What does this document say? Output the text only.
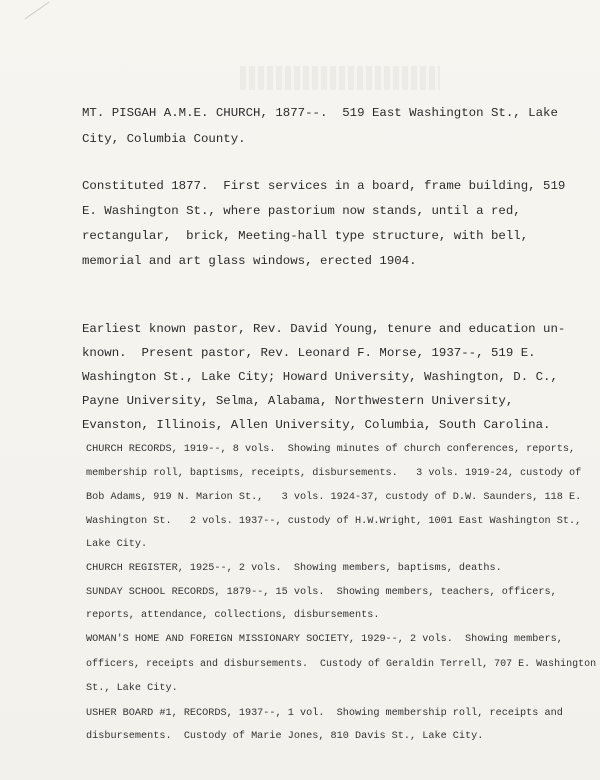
MT. PISGAH A.M.E. CHURCH, 1877--.  519 East Washington St., Lake
City, Columbia County.
Constituted 1877.  First services in a board, frame building, 519
E. Washington St., where pastorium now stands, until a red,
rectangular,  brick, Meeting-hall type structure, with bell,
memorial and art glass windows, erected 1904.
Earliest known pastor, Rev. David Young, tenure and education un-
known.  Present pastor, Rev. Leonard F. Morse, 1937--, 519 E.
Washington St., Lake City; Howard University, Washington, D. C.,
Payne University, Selma, Alabama, Northwestern University,
Evanston, Illinois, Allen University, Columbia, South Carolina.
CHURCH RECORDS, 1919--, 8 vols.  Showing minutes of church conferences, reports,
membership roll, baptisms, receipts, disbursements.   3 vols. 1919-24, custody of
Bob Adams, 919 N. Marion St.,   3 vols. 1924-37, custody of D.W. Saunders, 118 E.
Washington St.   2 vols. 1937--, custody of H.W.Wright, 1001 East Washington St.,
Lake City.
CHURCH REGISTER, 1925--, 2 vols.  Showing members, baptisms, deaths.
SUNDAY SCHOOL RECORDS, 1879--, 15 vols.  Showing members, teachers, officers,
reports, attendance, collections, disbursements.
WOMAN'S HOME AND FOREIGN MISSIONARY SOCIETY, 1929--, 2 vols.  Showing members,
officers, receipts and disbursements.  Custody of Geraldin Terrell, 707 E. Washington
St., Lake City.
USHER BOARD #1, RECORDS, 1937--, 1 vol.  Showing membership roll, receipts and
disbursements.  Custody of Marie Jones, 810 Davis St., Lake City.
